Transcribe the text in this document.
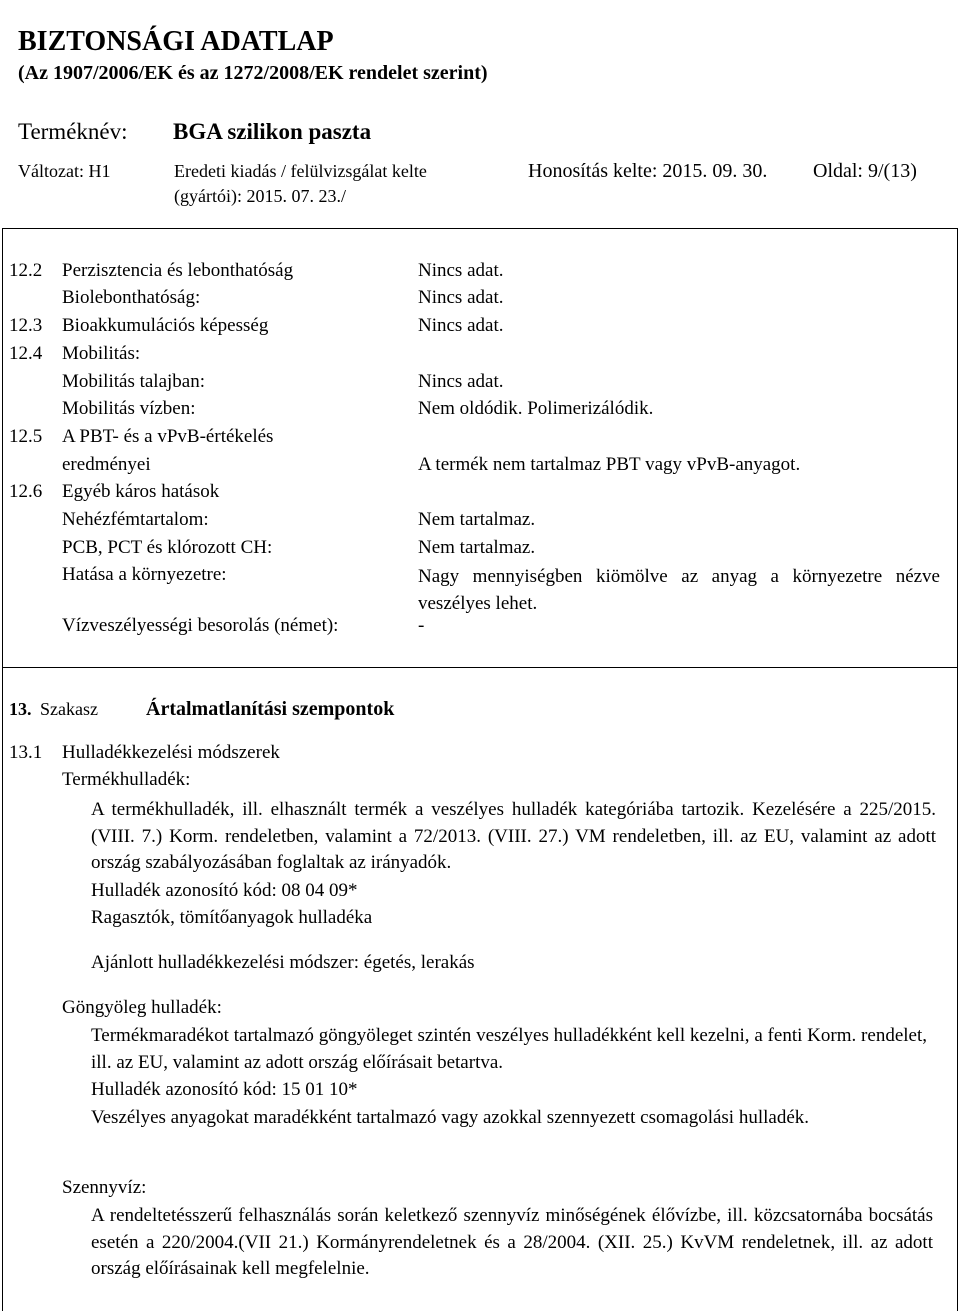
BIZTONSÁGI ADATLAP
(Az 1907/2006/EK és az 1272/2008/EK rendelet szerint)
Terméknév: BGA szilikon paszta
Változat: H1	Eredeti kiadás / felülvizsgálat kelte
(gyártói): 2015. 07. 23./
Honosítás kelte: 2015. 09. 30. Oldal: 9/(13)
12.2 Perzisztencia és lebonthatóság	Nincs adat.
Biolebonthatóság:	Nincs adat.
12.3 Bioakkumulációs képesség	Nincs adat.
12.4 Mobilitás:
Mobilitás talajban:	Nincs adat.
Mobilitás vízben:	Nem oldódik. Polimerizálódik.
12.5 A PBT- és a vPvB-értékelés
eredményei	A termék nem tartalmaz PBT vagy vPvB-anyagot.
12.6 Egyéb káros hatások
Nehézfémtartalom:	Nem tartalmaz.
PCB, PCT és klórozott CH:	Nem tartalmaz.
Hatása a környezetre:	Nagy mennyiségben kiömölve az anyag a környezetre nézve veszélyes lehet.
Vízveszélyességi besorolás (német):	-
13. Szakasz Ártalmatlanítási szempontok
13.1 Hulladékkezelési módszerek
Termékhulladék:
A termékhulladék, ill. elhasznált termék a veszélyes hulladék kategóriába tartozik. Kezelésére a 225/2015. (VIII. 7.) Korm. rendeletben, valamint a 72/2013. (VIII. 27.) VM rendeletben, ill. az EU, valamint az adott ország szabályozásában foglaltak az irányadók.
Hulladék azonosító kód: 08 04 09*
Ragasztók, tömítőanyagok hulladéka
Ajánlott hulladékkezelési módszer: égetés, lerakás
Göngyöleg hulladék:
Termékmaradékot tartalmazó göngyöleget szintén veszélyes hulladékként kell kezelni, a fenti Korm. rendelet, ill. az EU, valamint az adott ország előírásait betartva.
Hulladék azonosító kód: 15 01 10*
Veszélyes anyagokat maradékként tartalmazó vagy azokkal szennyezett csomagolási hulladék.
Szennyvíz:
A rendeltetésszerű felhasználás során keletkező szennyvíz minőségének élővízbe, ill. közcsatornába bocsátás esetén a 220/2004.(VII 21.) Kormányrendeletnek és a 28/2004. (XII. 25.) KvVM rendeletnek, ill. az adott ország előírásainak kell megfelelnie.
